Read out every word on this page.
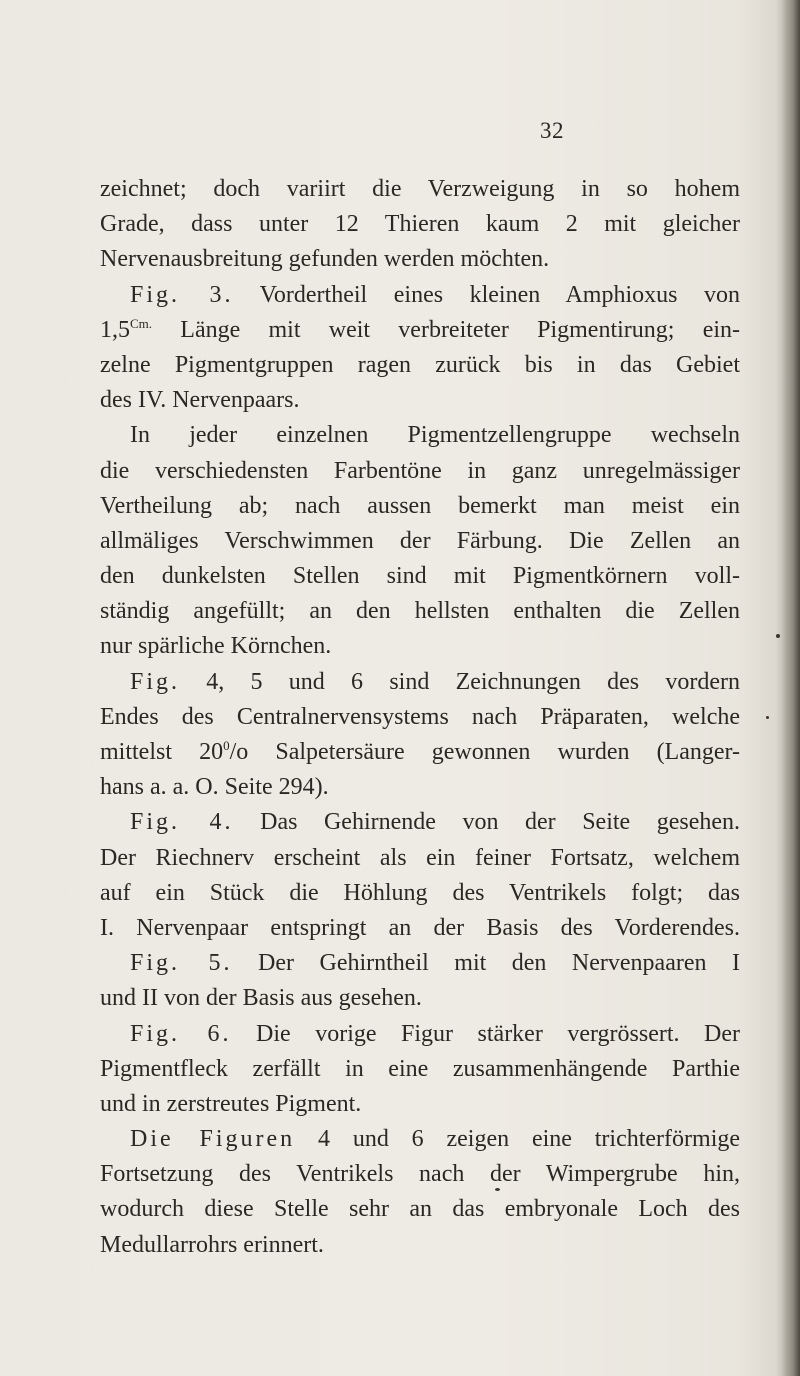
32
zeichnet; doch variirt die Verzweigung in so hohem
Grade, dass unter 12 Thieren kaum 2 mit gleicher
Nervenausbreitung gefunden werden möchten.
Fig. 3. Vordertheil eines kleinen Amphioxus von
$1,5^{Cm.}$ Länge mit weit verbreiteter Pigmentirung; ein-
zelne Pigmentgruppen ragen zurück bis in das Gebiet
des IV. Nervenpaars.
In jeder einzelnen Pigmentzellengruppe wechseln
die verschiedensten Farbentöne in ganz unregelmässiger
Vertheilung ab; nach aussen bemerkt man meist ein
allmäliges Verschwimmen der Färbung. Die Zellen an
den dunkelsten Stellen sind mit Pigmentkörnern voll-
ständig angefüllt; an den hellsten enthalten die Zellen
nur spärliche Körnchen.
Fig. 4, 5 und 6 sind Zeichnungen des vordern
Endes des Centralnervensystems nach Präparaten, welche
mittelst $20^0/o$ Salpetersäure gewonnen wurden (Langer-
hans a. a. O. Seite 294).
Fig. 4. Das Gehirnende von der Seite gesehen.
Der Riechnerv erscheint als ein feiner Fortsatz, welchem
auf ein Stück die Höhlung des Ventrikels folgt; das
I. Nervenpaar entspringt an der Basis des Vorderendes.
Fig. 5. Der Gehirntheil mit den Nervenpaaren I
und II von der Basis aus gesehen.
Fig. 6. Die vorige Figur stärker vergrössert. Der
Pigmentfleck zerfällt in eine zusammenhängende Parthie
und in zerstreutes Pigment.
Die Figuren 4 und 6 zeigen eine trichterförmige
Fortsetzung des Ventrikels nach der Wimpergrube hin,
wodurch diese Stelle sehr an das embryonale Loch des
Medullarrohrs erinnert.
